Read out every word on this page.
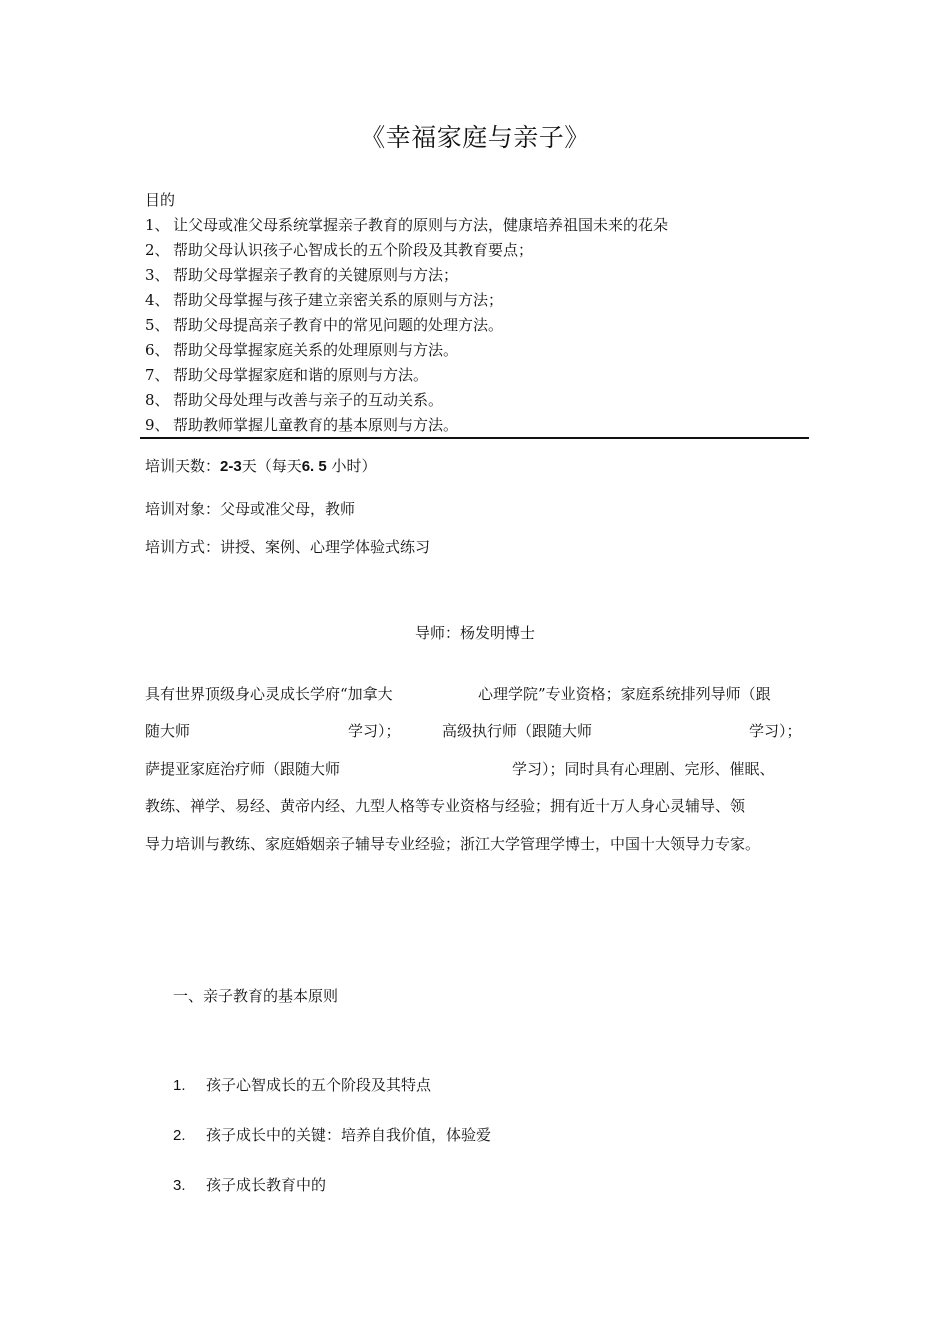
《幸福家庭与亲子》
目的
1、 让父母或准父母系统掌握亲子教育的原则与方法，健康培养祖国未来的花朵
2、 帮助父母认识孩子心智成长的五个阶段及其教育要点；
3、 帮助父母掌握亲子教育的关键原则与方法；
4、 帮助父母掌握与孩子建立亲密关系的原则与方法；
5、 帮助父母提高亲子教育中的常见问题的处理方法。
6、 帮助父母掌握家庭关系的处理原则与方法。
7、 帮助父母掌握家庭和谐的原则与方法。
8、 帮助父母处理与改善与亲子的互动关系。
9、 帮助教师掌握儿童教育的基本原则与方法。
培训天数：2-3天（每天6. 5 小时）
培训对象：父母或准父母，教师
培训方式：讲授、案例、心理学体验式练习
导师：杨发明博士
具有世界顶级身心灵成长学府“加拿大	心理学院”专业资格；家庭系统排列导师（跟
随大师	学习）；	高级执行师（跟随大师	学习）；
萨提亚家庭治疗师（跟随大师	学习）；同时具有心理剧、完形、催眠、
教练、禅学、易经、黄帝内经、九型人格等专业资格与经验；拥有近十万人身心灵辅导、领
导力培训与教练、家庭婚姻亲子辅导专业经验；浙江大学管理学博士，中国十大领导力专家。
一、亲子教育的基本原则
1. 孩子心智成长的五个阶段及其特点
2. 孩子成长中的关键：培养自我价值，体验爱
3. 孩子成长教育中的
